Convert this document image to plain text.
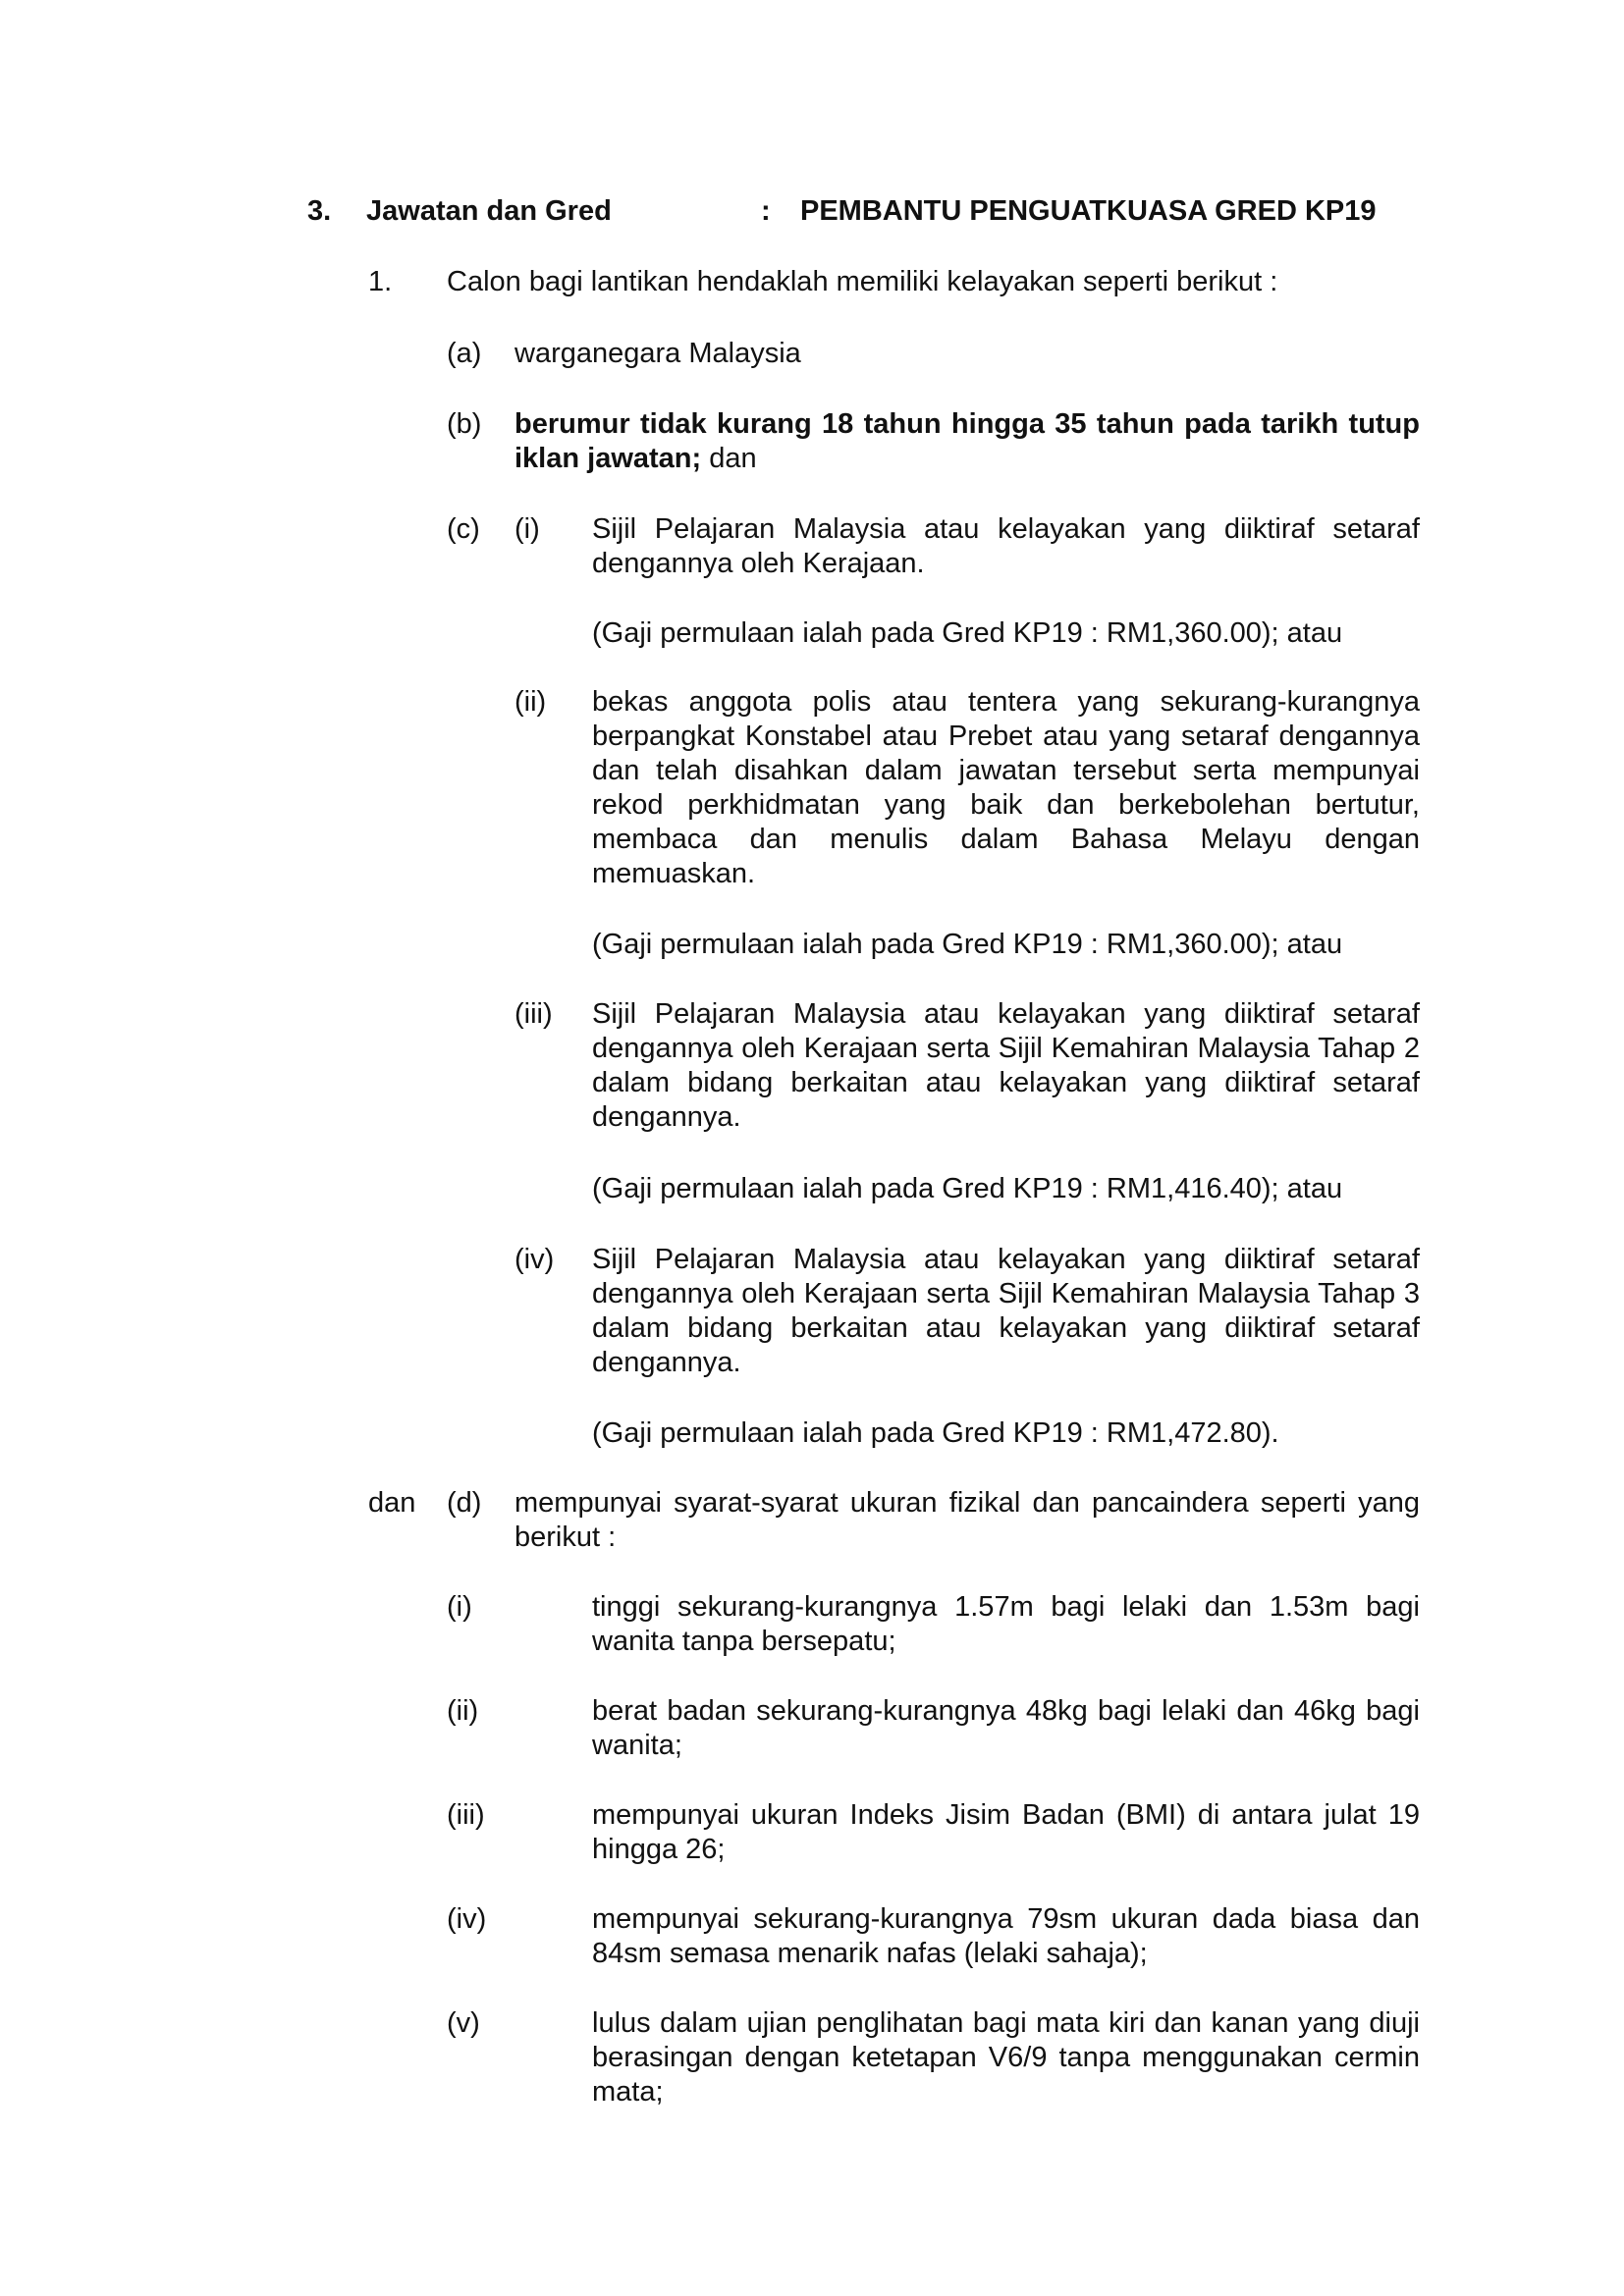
3. Jawatan dan Gred	: PEMBANTU PENGUATKUASA GRED KP19
1. Calon bagi lantikan hendaklah memiliki kelayakan seperti berikut :
(a) warganegara Malaysia
(b) berumur tidak kurang 18 tahun hingga 35 tahun pada tarikh tutup iklan jawatan; dan
(c) (i) Sijil Pelajaran Malaysia atau kelayakan yang diiktiraf setaraf dengannya oleh Kerajaan.
(Gaji permulaan ialah pada Gred KP19 : RM1,360.00); atau
(ii) bekas anggota polis atau tentera yang sekurang-kurangnya berpangkat Konstabel atau Prebet atau yang setaraf dengannya dan telah disahkan dalam jawatan tersebut serta mempunyai rekod perkhidmatan yang baik dan berkebolehan bertutur, membaca dan menulis dalam Bahasa Melayu dengan memuaskan.
(Gaji permulaan ialah pada Gred KP19 : RM1,360.00); atau
(iii) Sijil Pelajaran Malaysia atau kelayakan yang diiktiraf setaraf dengannya oleh Kerajaan serta Sijil Kemahiran Malaysia Tahap 2 dalam bidang berkaitan atau kelayakan yang diiktiraf setaraf dengannya.
(Gaji permulaan ialah pada Gred KP19 : RM1,416.40); atau
(iv) Sijil Pelajaran Malaysia atau kelayakan yang diiktiraf setaraf dengannya oleh Kerajaan serta Sijil Kemahiran Malaysia Tahap 3 dalam bidang berkaitan atau kelayakan yang diiktiraf setaraf dengannya.
(Gaji permulaan ialah pada Gred KP19 : RM1,472.80).
dan (d) mempunyai syarat-syarat ukuran fizikal dan pancaindera seperti yang berikut :
(i)	tinggi sekurang-kurangnya 1.57m bagi lelaki dan 1.53m bagi wanita tanpa bersepatu;
(ii)	berat badan sekurang-kurangnya 48kg bagi lelaki dan 46kg bagi wanita;
(iii)	mempunyai ukuran Indeks Jisim Badan (BMI) di antara julat 19 hingga 26;
(iv)	mempunyai sekurang-kurangnya 79sm ukuran dada biasa dan 84sm semasa menarik nafas (lelaki sahaja);
(v)	lulus dalam ujian penglihatan bagi mata kiri dan kanan yang diuji berasingan dengan ketetapan V6/9 tanpa menggunakan cermin mata;
